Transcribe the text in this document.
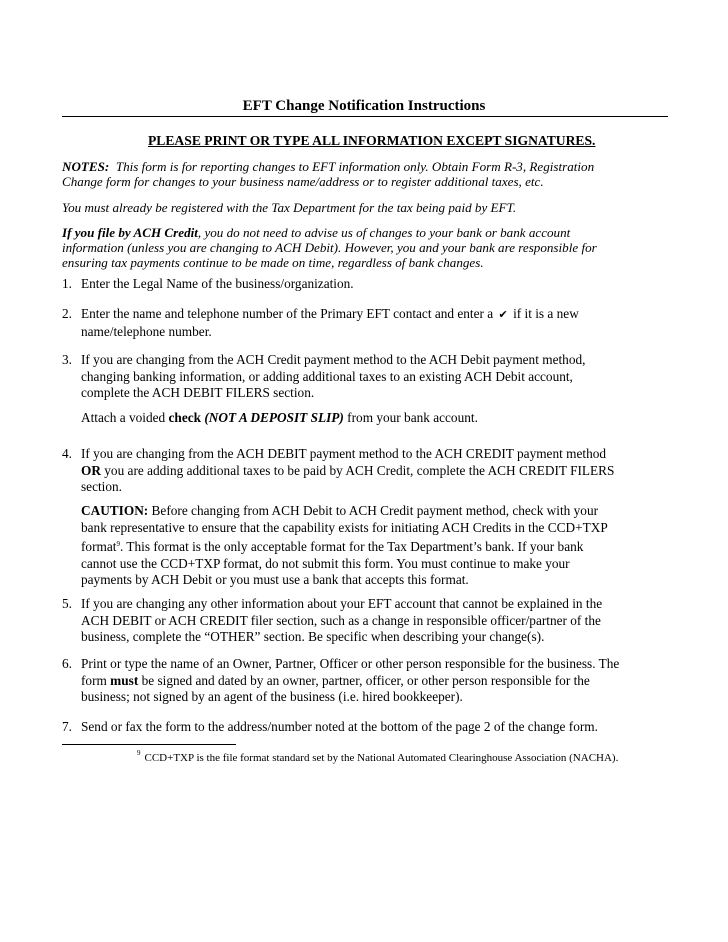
EFT Change Notification Instructions
PLEASE PRINT OR TYPE ALL INFORMATION EXCEPT SIGNATURES.
NOTES: This form is for reporting changes to EFT information only. Obtain Form R-3, Registration
Change form for changes to your business name/address or to register additional taxes, etc.
You must already be registered with the Tax Department for the tax being paid by EFT.
If you file by ACH Credit, you do not need to advise us of changes to your bank or bank account
information (unless you are changing to ACH Debit). However, you and your bank are responsible for
ensuring tax payments continue to be made on time, regardless of bank changes.
1. Enter the Legal Name of the business/organization.
2. Enter the name and telephone number of the Primary EFT contact and enter a ✔ if it is a new
name/telephone number.
3. If you are changing from the ACH Credit payment method to the ACH Debit payment method,
changing banking information, or adding additional taxes to an existing ACH Debit account,
complete the ACH DEBIT FILERS section.
Attach a voided check (NOT A DEPOSIT SLIP) from your bank account.
4. If you are changing from the ACH DEBIT payment method to the ACH CREDIT payment method
OR you are adding additional taxes to be paid by ACH Credit, complete the ACH CREDIT FILERS
section.
CAUTION: Before changing from ACH Debit to ACH Credit payment method, check with your
bank representative to ensure that the capability exists for initiating ACH Credits in the CCD+TXP
format$^9$. This format is the only acceptable format for the Tax Department’s bank. If your bank
cannot use the CCD+TXP format, do not submit this form. You must continue to make your
payments by ACH Debit or you must use a bank that accepts this format.
5. If you are changing any other information about your EFT account that cannot be explained in the
ACH DEBIT or ACH CREDIT filer section, such as a change in responsible officer/partner of the
business, complete the “OTHER” section. Be specific when describing your change(s).
6. Print or type the name of an Owner, Partner, Officer or other person responsible for the business. The
form must be signed and dated by an owner, partner, officer, or other person responsible for the
business; not signed by an agent of the business (i.e. hired bookkeeper).
7. Send or fax the form to the address/number noted at the bottom of the page 2 of the change form.
$^9$ CCD+TXP is the file format standard set by the National Automated Clearinghouse Association (NACHA).
